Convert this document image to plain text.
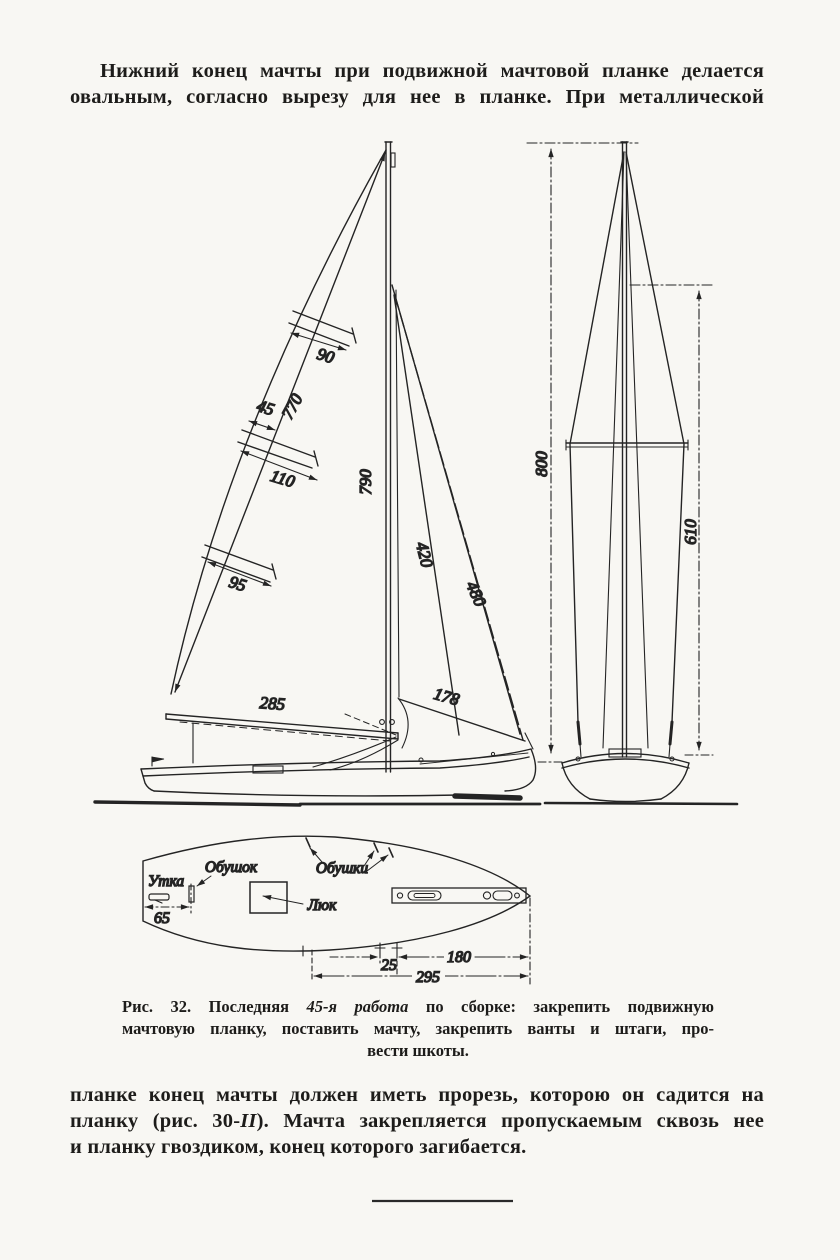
Нижний конец мачты при подвижной мачтовой планке делается
овальным, согласно вырезу для нее в планке. При металлической
90
770
45
110
95
790
420
480
178
285
800
610
Утка
Обушок	Обушки
Люк
65
25	180
295
Рис. 32. Последняя 45-я работа по сборке: закрепить подвижную
мачтовую планку, поставить мачту, закрепить ванты и штаги, про-
вести шкоты.
планке конец мачты должен иметь прорезь, которою он садится на
планку (рис. 30-II). Мачта закрепляется пропускаемым сквозь нее
и планку гвоздиком, конец которого загибается.
